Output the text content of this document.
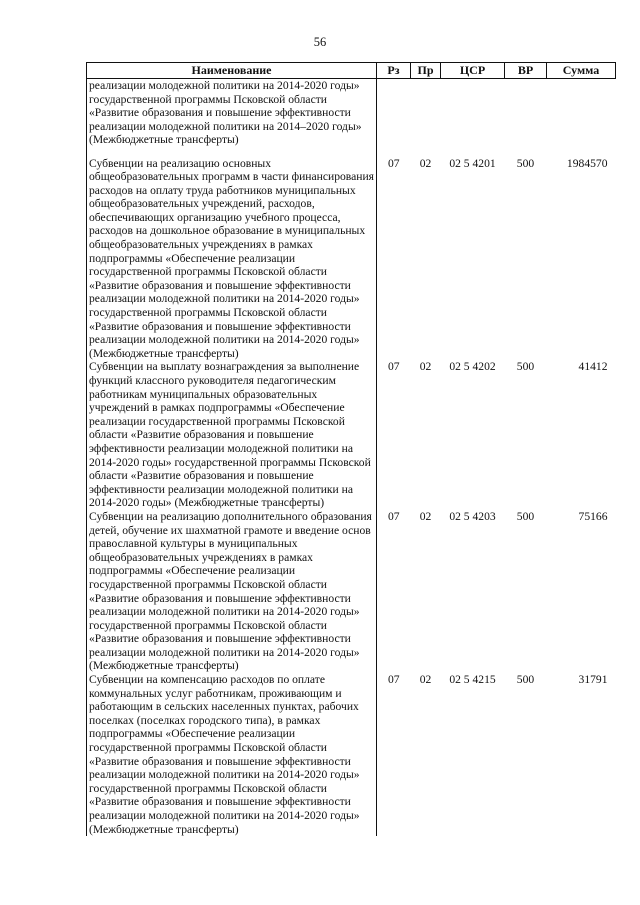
56
Наименование	Рз	Пр	ЦСР	ВР	Сумма
реализации молодежной политики на 2014-2020 годы» государственной программы Псковской области «Развитие образования и повышение эффективности реализации молодежной политики на 2014–2020 годы» (Межбюджетные трансферты)					
Субвенции на реализацию основных общеобразовательных программ в части финансирования расходов на оплату труда работников муниципальных общеобразовательных учреждений, расходов, обеспечивающих организацию учебного процесса, расходов на дошкольное образование в муниципальных общеобразовательных учреждениях в рамках подпрограммы «Обеспечение реализации государственной программы Псковской области «Развитие образования и повышение эффективности реализации молодежной политики на 2014-2020 годы» государственной программы Псковской области «Развитие образования и повышение эффективности реализации молодежной политики на 2014-2020 годы» (Межбюджетные трансферты)	07	02	02 5 4201	500	1984570
Субвенции на выплату вознаграждения за выполнение функций классного руководителя педагогическим работникам муниципальных образовательных учреждений в рамках подпрограммы «Обеспечение реализации государственной программы Псковской области «Развитие образования и повышение эффективности реализации молодежной политики на 2014-2020 годы» государственной программы Псковской области «Развитие образования и повышение эффективности реализации молодежной политики на 2014-2020 годы» (Межбюджетные трансферты)	07	02	02 5 4202	500	41412
Субвенции на реализацию дополнительного образования детей, обучение их шахматной грамоте и введение основ православной культуры в муниципальных общеобразовательных учреждениях в рамках подпрограммы «Обеспечение реализации государственной программы Псковской области «Развитие образования и повышение эффективности реализации молодежной политики на 2014-2020 годы» государственной программы Псковской области «Развитие образования и повышение эффективности реализации молодежной политики на 2014-2020 годы» (Межбюджетные трансферты)	07	02	02 5 4203	500	75166
Субвенции на компенсацию расходов по оплате коммунальных услуг работникам, проживающим и работающим в сельских населенных пунктах, рабочих поселках (поселках городского типа), в рамках подпрограммы «Обеспечение реализации государственной программы Псковской области «Развитие образования и повышение эффективности реализации молодежной политики на 2014-2020 годы» государственной программы Псковской области «Развитие образования и повышение эффективности реализации молодежной политики на 2014-2020 годы» (Межбюджетные трансферты)	07	02	02 5 4215	500	31791
